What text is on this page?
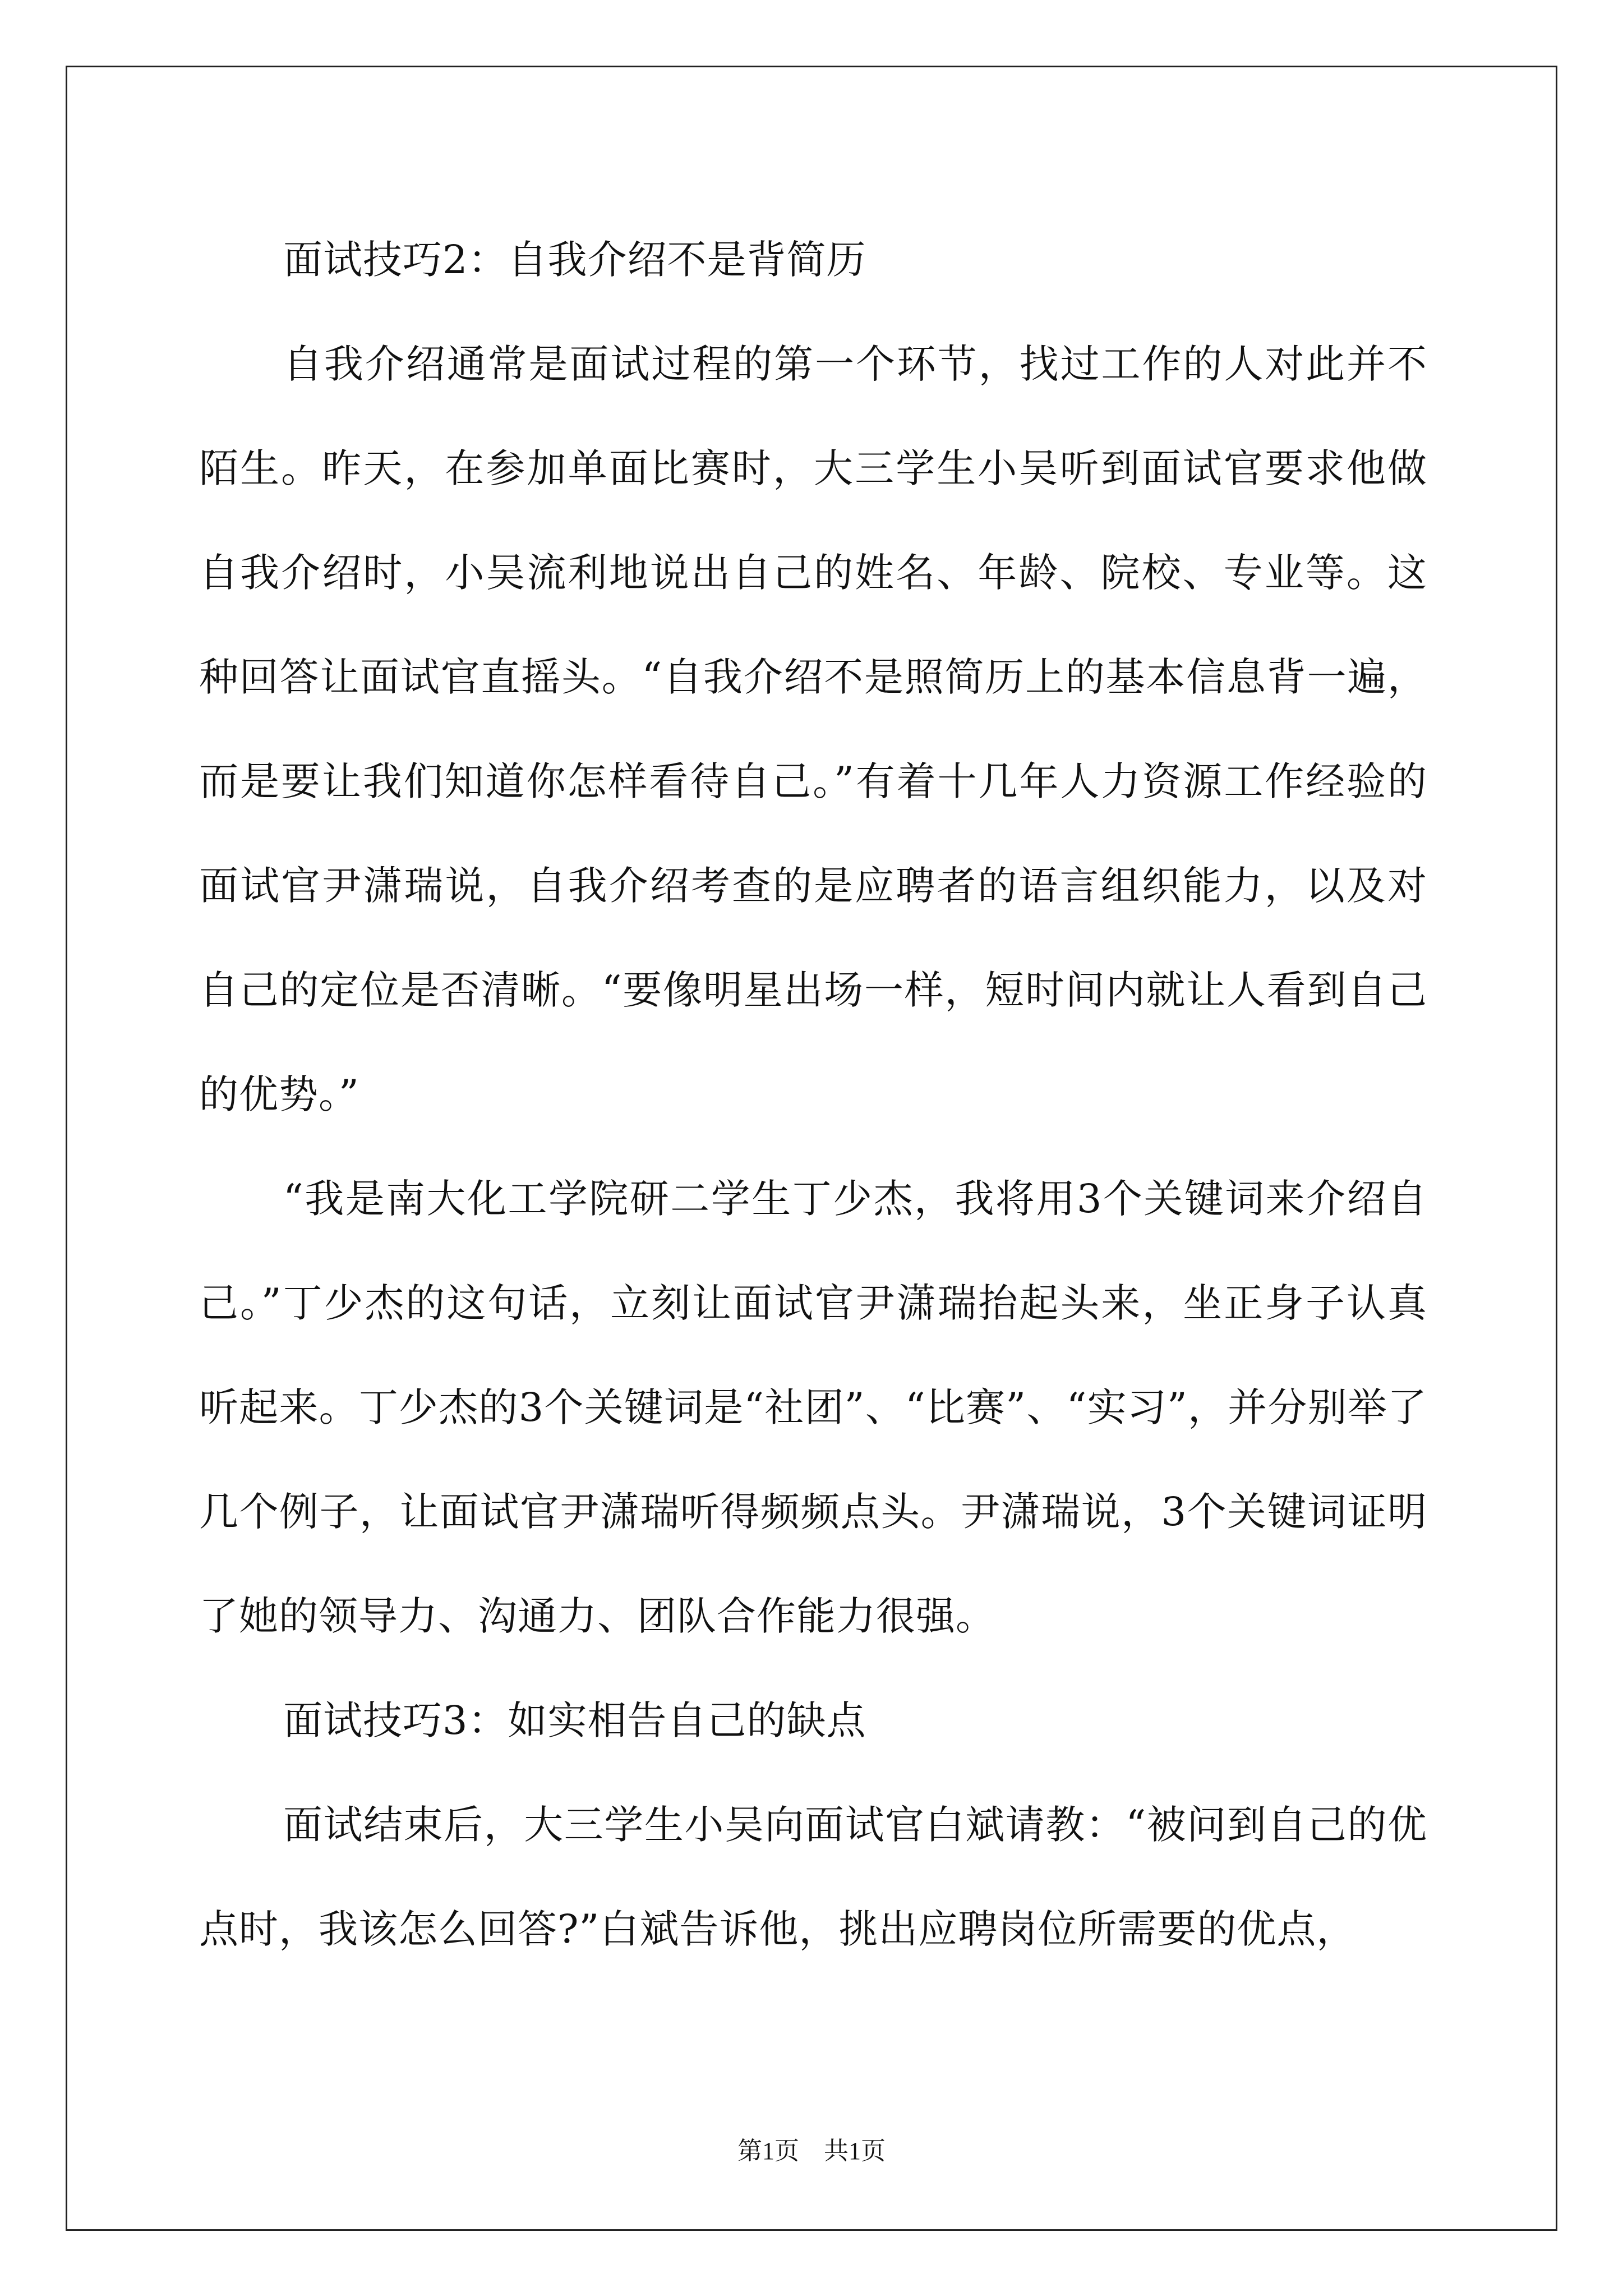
面试技巧2：自我介绍不是背简历

自我介绍通常是面试过程的第一个环节，找过工作的人对此并不陌生。昨天，在参加单面比赛时，大三学生小吴听到面试官要求他做自我介绍时，小吴流利地说出自己的姓名、年龄、院校、专业等。这种回答让面试官直摇头。“自我介绍不是照简历上的基本信息背一遍，而是要让我们知道你怎样看待自己。”有着十几年人力资源工作经验的面试官尹潇瑞说，自我介绍考查的是应聘者的语言组织能力，以及对自己的定位是否清晰。“要像明星出场一样，短时间内就让人看到自己的优势。”

“我是南大化工学院研二学生丁少杰，我将用3个关键词来介绍自己。”丁少杰的这句话，立刻让面试官尹潇瑞抬起头来，坐正身子认真听起来。丁少杰的3个关键词是“社团”、“比赛”、“实习”，并分别举了几个例子，让面试官尹潇瑞听得频频点头。尹潇瑞说，3个关键词证明了她的领导力、沟通力、团队合作能力很强。

面试技巧3：如实相告自己的缺点

面试结束后，大三学生小吴向面试官白斌请教：“被问到自己的优点时，我该怎么回答?”白斌告诉他，挑出应聘岗位所需要的优点，

第1页　共1页
